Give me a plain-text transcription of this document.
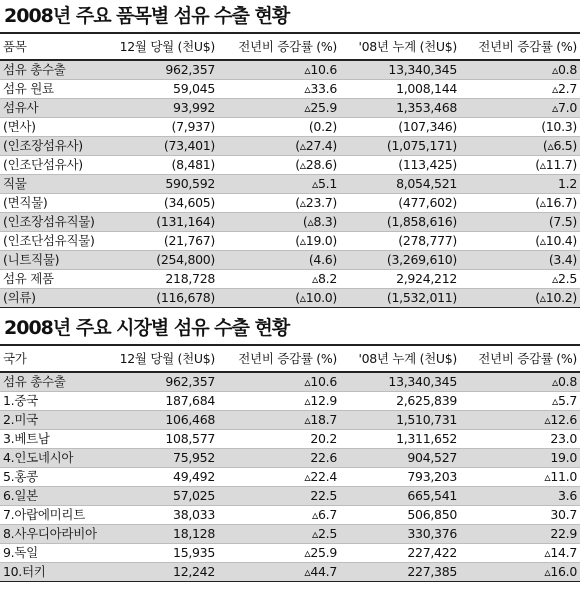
2008년 주요 품목별 섬유 수출 현황
품목	12월 당월 (천U$)	전년비 증감률 (%)	'08년 누계 (천U$)	전년비 증감률 (%)
섬유 총수출	962,357	▵10.6	13,340,345	▵0.8
섬유 원료	59,045	▵33.6	1,008,144	▵2.7
섬유사	93,992	▵25.9	1,353,468	▵7.0
(면사)	(7,937)	(0.2)	(107,346)	(10.3)
(인조장섬유사)	(73,401)	(▵27.4)	(1,075,171)	(▵6.5)
(인조단섬유사)	(8,481)	(▵28.6)	(113,425)	(▵11.7)
직물	590,592	▵5.1	8,054,521	1.2
(면직물)	(34,605)	(▵23.7)	(477,602)	(▵16.7)
(인조장섬유직물)	(131,164)	(▵8.3)	(1,858,616)	(7.5)
(인조단섬유직물)	(21,767)	(▵19.0)	(278,777)	(▵10.4)
(니트직물)	(254,800)	(4.6)	(3,269,610)	(3.4)
섬유 제품	218,728	▵8.2	2,924,212	▵2.5
(의류)	(116,678)	(▵10.0)	(1,532,011)	(▵10.2)
2008년 주요 시장별 섬유 수출 현황
국가	12월 당월 (천U$)	전년비 증감률 (%)	'08년 누계 (천U$)	전년비 증감률 (%)
섬유 총수출	962,357	▵10.6	13,340,345	▵0.8
1.중국	187,684	▵12.9	2,625,839	▵5.7
2.미국	106,468	▵18.7	1,510,731	▵12.6
3.베트남	108,577	20.2	1,311,652	23.0
4.인도네시아	75,952	22.6	904,527	19.0
5.홍콩	49,492	▵22.4	793,203	▵11.0
6.일본	57,025	22.5	665,541	3.6
7.아랍에미리트	38,033	▵6.7	506,850	30.7
8.사우디아라비아	18,128	▵2.5	330,376	22.9
9.독일	15,935	▵25.9	227,422	▵14.7
10.터키	12,242	▵44.7	227,385	▵16.0
